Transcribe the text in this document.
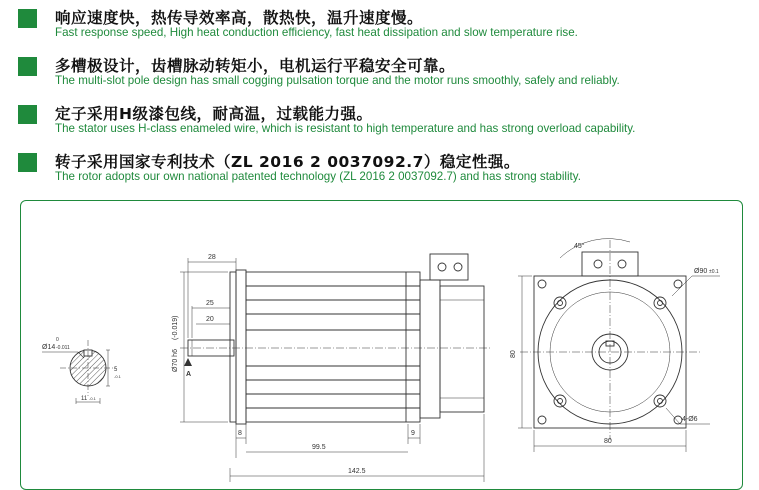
响应速度快，热传导效率高，散热快，温升速度慢。
Fast response speed, High heat conduction efficiency, fast heat dissipation and slow temperature rise.
多槽极设计，齿槽脉动转矩小，电机运行平稳安全可靠。
The multi-slot pole design has small cogging pulsation torque and the motor runs smoothly, safely and reliably.
定子采用H级漆包线，耐高温，过载能力强。
The stator uses H-class enameled wire, which is resistant to high temperature and has strong overload capability.
转子采用国家专利技术（ZL 2016 2 0037092.7）稳定性强。
The rotor adopts our own national patented technology (ZL 2016 2 0037092.7) and has strong stability.
Ø14
0
-0.011
5
-0.1
11 -0.1
28
25
20
Ø70 h6
(-0.019)
A
8
99.5
9
142.5
45°
Ø90 ±0.1
80
80
4-Ø6
